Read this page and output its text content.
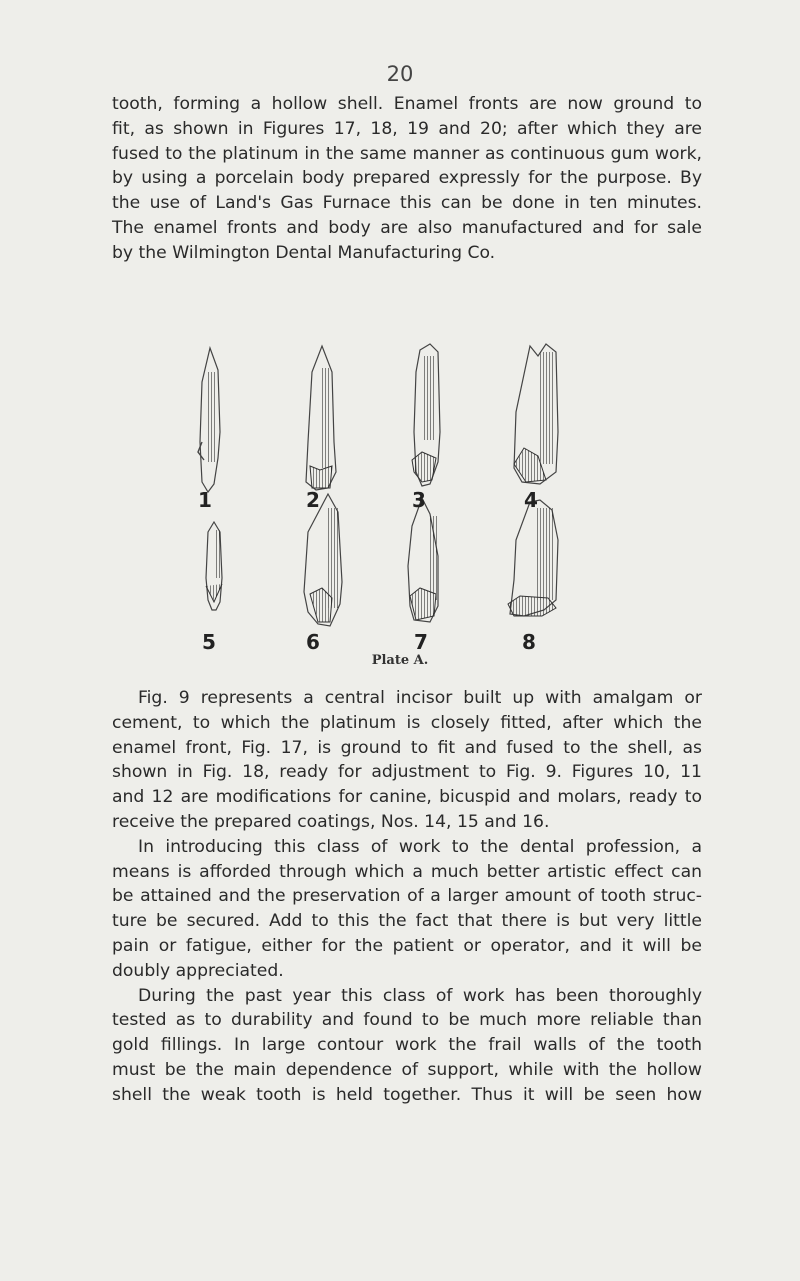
20

tooth, forming a hollow shell. Enamel fronts are now ground to
fit, as shown in Figures 17, 18, 19 and 20; after which they are
fused to the platinum in the same manner as continuous gum work,
by using a porcelain body prepared expressly for the purpose. By
the use of Land's Gas Furnace this can be done in ten minutes.
The enamel fronts and body are also manufactured and for sale
by the Wilmington Dental Manufacturing Co.

1	2	3	4
5	6	7	8
Plate A.

Fig. 9 represents a central incisor built up with amalgam or
cement, to which the platinum is closely fitted, after which the
enamel front, Fig. 17, is ground to fit and fused to the shell, as
shown in Fig. 18, ready for adjustment to Fig. 9. Figures 10, 11
and 12 are modifications for canine, bicuspid and molars, ready to
receive the prepared coatings, Nos. 14, 15 and 16.
In introducing this class of work to the dental profession, a
means is afforded through which a much better artistic effect can
be attained and the preservation of a larger amount of tooth struc-
ture be secured. Add to this the fact that there is but very little
pain or fatigue, either for the patient or operator, and it will be
doubly appreciated.
During the past year this class of work has been thoroughly
tested as to durability and found to be much more reliable than
gold fillings. In large contour work the frail walls of the tooth
must be the main dependence of support, while with the hollow
shell the weak tooth is held together. Thus it will be seen how
